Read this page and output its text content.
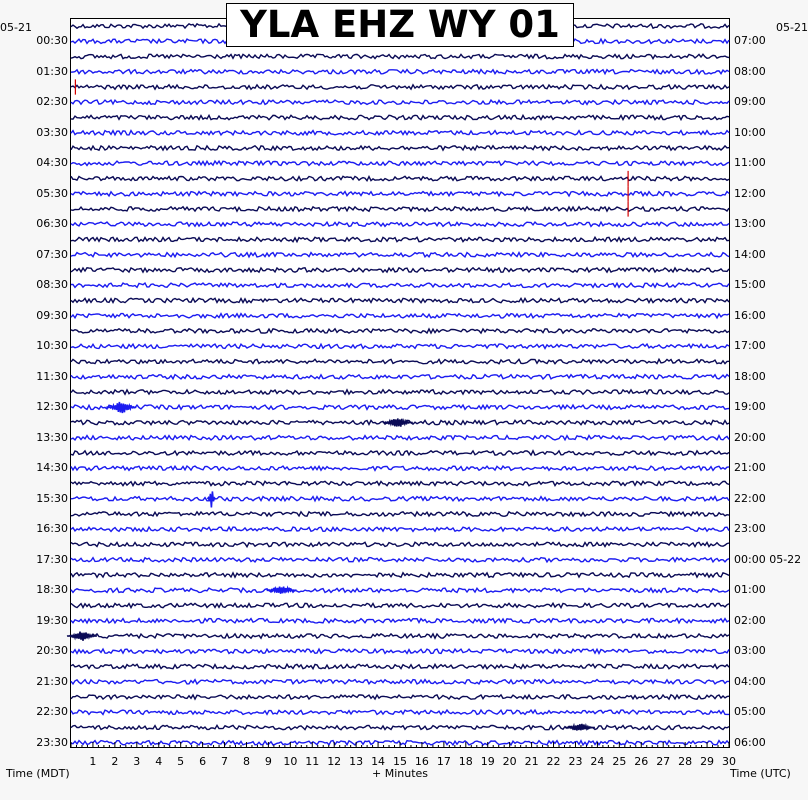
YLA EHZ WY 01
05-21	05-21
00:30
01:30
02:30
03:30
04:30
05:30
06:30
07:30
08:30
09:30
10:30
11:30
12:30
13:30
14:30
15:30
16:30
17:30
18:30
19:30
20:30
21:30
22:30
23:30
07:00
08:00
09:00
10:00
11:00
12:00
13:00
14:00
15:00
16:00
17:00
18:00
19:00
20:00
21:00
22:00
23:00
00:00 05-22
01:00
02:00
03:00
04:00
05:00
06:00
1	2	3	4	5	6	7	8	9	10 11 12 13 14 15 16 17 18 19 20 21 22 23 24 25 26 27 28 29 30
Time (MDT)	+ Minutes	Time (UTC)
